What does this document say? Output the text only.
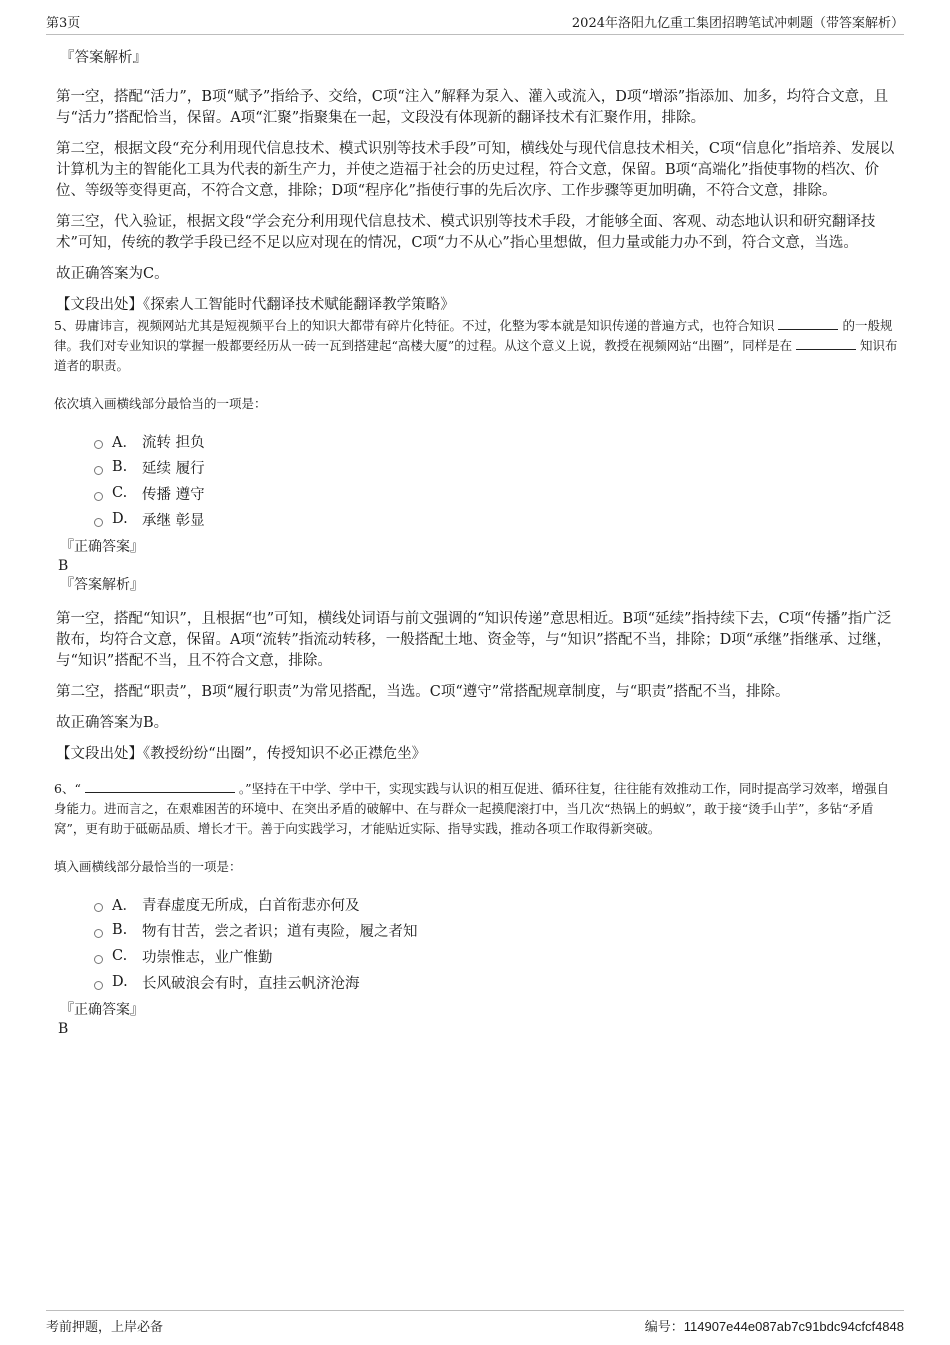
第3页	2024年洛阳九亿重工集团招聘笔试冲刺题（带答案解析）

『答案解析』

第一空，搭配“活力”，B项“赋予”指给予、交给，C项“注入”解释为泵入、灌入或流入，D项“增添”指添加、加多，均符合文意，且与“活力”搭配恰当，保留。A项“汇聚”指聚集在一起，文段没有体现新的翻译技术有汇聚作用，排除。

第二空，根据文段“充分利用现代信息技术、模式识别等技术手段”可知，横线处与现代信息技术相关，C项“信息化”指培养、发展以计算机为主的智能化工具为代表的新生产力，并使之造福于社会的历史过程，符合文意，保留。B项“高端化”指使事物的档次、价位、等级等变得更高，不符合文意，排除；D项“程序化”指使行事的先后次序、工作步骤等更加明确，不符合文意，排除。

第三空，代入验证，根据文段“学会充分利用现代信息技术、模式识别等技术手段，才能够全面、客观、动态地认识和研究翻译技术”可知，传统的教学手段已经不足以应对现在的情况，C项“力不从心”指心里想做，但力量或能力办不到，符合文意，当选。

故正确答案为C。

【文段出处】《探索人工智能时代翻译技术赋能翻译教学策略》

5、毋庸讳言，视频网站尤其是短视频平台上的知识大都带有碎片化特征。不过，化整为零本就是知识传递的普遍方式，也符合知识	的一般规律。我们对专业知识的掌握一般都要经历从一砖一瓦到搭建起“高楼大厦”的过程。从这个意义上说，教授在视频网站“出圈”，同样是在	知识布道者的职责。

依次填入画横线部分最恰当的一项是：

A． 流转 担负
B.	延续 履行
C.	传播 遵守
D. 承继 彰显

『正确答案』

B

『答案解析』

第一空，搭配“知识”，且根据“也”可知，横线处词语与前文强调的“知识传递”意思相近。B项“延续”指持续下去，C项“传播”指广泛散布，均符合文意，保留。A项“流转”指流动转移，一般搭配土地、资金等，与“知识”搭配不当，排除；D项“承继”指继承、过继，与“知识”搭配不当，且不符合文意，排除。

第二空，搭配“职责”，B项“履行职责”为常见搭配，当选。C项“遵守”常搭配规章制度，与“职责”搭配不当，排除。

故正确答案为B。

【文段出处】《教授纷纷“出圈”，传授知识不必正襟危坐》

6、“	。”坚持在干中学、学中干，实现实践与认识的相互促进、循环往复，往往能有效推动工作，同时提高学习效率，增强自身能力。进而言之，在艰难困苦的环境中、在突出矛盾的破解中、在与群众一起摸爬滚打中，当几次“热锅上的蚂蚁”，敢于接“烫手山芋”，多钻“矛盾窝”，更有助于砥砺品质、增长才干。善于向实践学习，才能贴近实际、指导实践，推动各项工作取得新突破。

填入画横线部分最恰当的一项是：

A． 青春虚度无所成，白首衔悲亦何及
B.	物有甘苦，尝之者识；道有夷险，履之者知
C.	功崇惟志，业广惟勤
D. 长风破浪会有时，直挂云帆济沧海

『正确答案』

B

考前押题，上岸必备	编号：114907e44e087ab7c91bdc94cfcf4848
